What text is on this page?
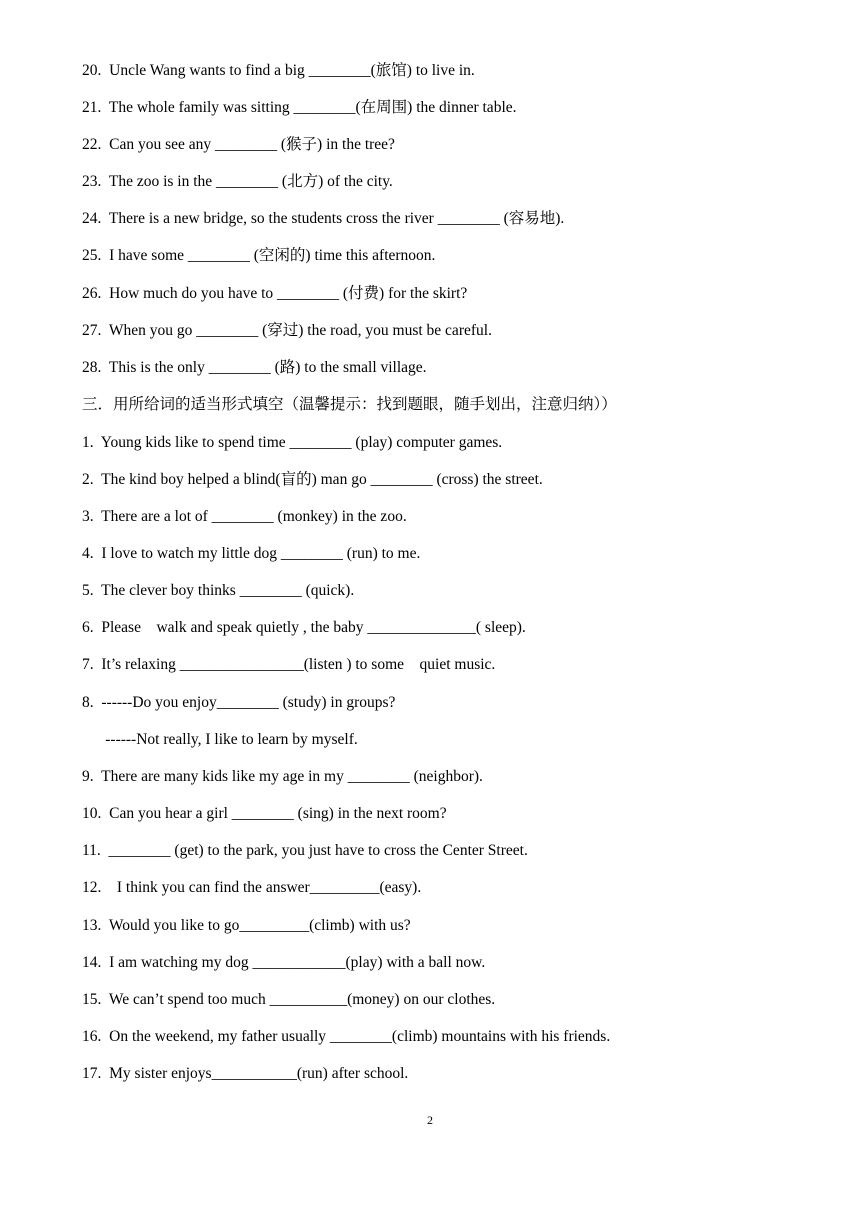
20.  Uncle Wang wants to find a big ________(旅馆) to live in.
21.  The whole family was sitting ________(在周围) the dinner table.
22.  Can you see any ________ (猴子) in the tree?
23.  The zoo is in the ________ (北方) of the city.
24.  There is a new bridge, so the students cross the river ________ (容易地).
25.  I have some ________ (空闲的) time this afternoon.
26.  How much do you have to ________ (付费) for the skirt?
27.  When you go ________ (穿过) the road, you must be careful.
28.  This is the only ________ (路) to the small village.
三．用所给词的适当形式填空（温馨提示：找到题眼，随手划出，注意归纳））
1.  Young kids like to spend time ________ (play) computer games.
2.  The kind boy helped a blind(盲的) man go ________ (cross) the street.
3.  There are a lot of ________ (monkey) in the zoo.
4.  I love to watch my little dog ________ (run) to me.
5.  The clever boy thinks ________ (quick).
6.  Please    walk and speak quietly , the baby ______________( sleep).
7.  It’s relaxing ________________(listen ) to some    quiet music.
8.  ------Do you enjoy________ (study) in groups?
------Not really, I like to learn by myself.
9.  There are many kids like my age in my ________ (neighbor).
10.  Can you hear a girl ________ (sing) in the next room?
11.  ________ (get) to the park, you just have to cross the Center Street.
12.    I think you can find the answer_________(easy).
13.  Would you like to go_________(climb) with us?
14.  I am watching my dog ____________(play) with a ball now.
15.  We can’t spend too much __________(money) on our clothes.
16.  On the weekend, my father usually ________(climb) mountains with his friends.
17.  My sister enjoys___________(run) after school.
2
